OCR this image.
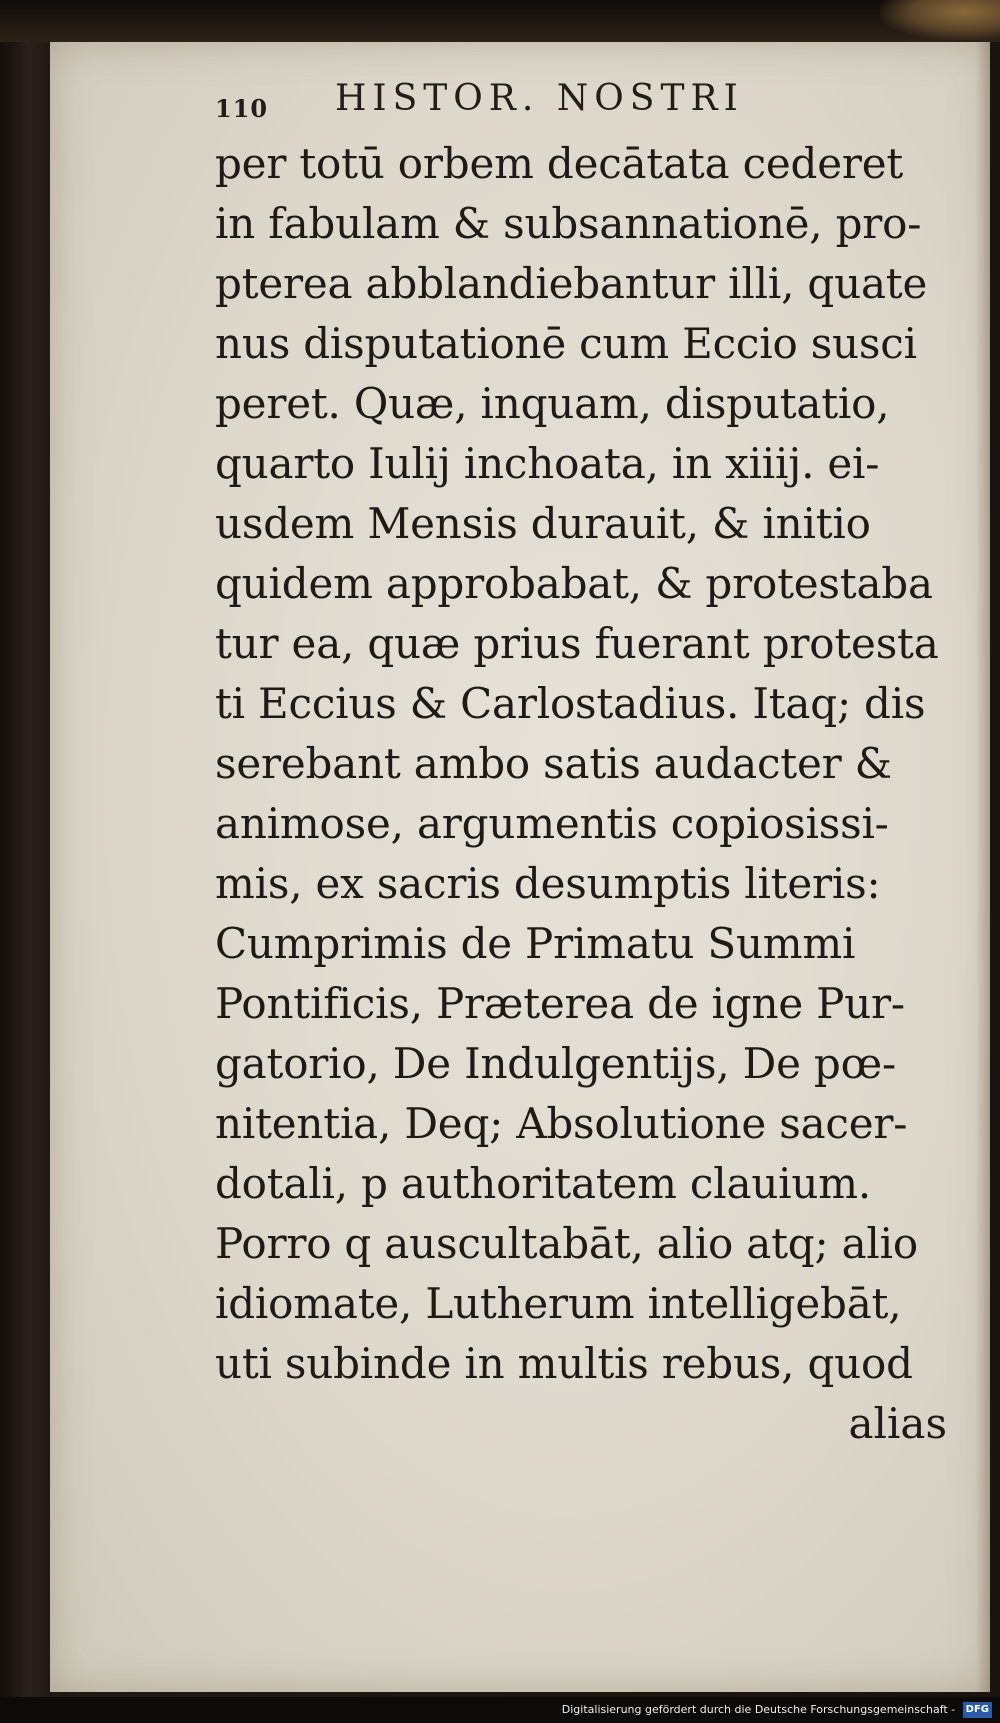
110 HISTOR. NOSTRI
per totū orbem decātata cederet
in fabulam & subsannationē, pro-
pterea abblandiebantur illi, quate
nus disputationē cum Eccio susci
peret. Quæ, inquam, disputatio,
quarto Iulij inchoata, in xiiij. ei-
usdem Mensis durauit, & initio
quidem approbabat, & protestaba
tur ea, quæ prius fuerant protesta
ti Eccius & Carlostadius. Itaq; dis
serebant ambo satis audacter &
animose, argumentis copiosissi-
mis, ex sacris desumptis literis:
Cumprimis de Primatu Summi
Pontificis, Præterea de igne Pur-
gatorio, De Indulgentijs, De pœ-
nitentia, Deq; Absolutione sacer-
dotali, p authoritatem clauium.
Porro q auscultabāt, alio atq; alio
idiomate, Lutherum intelligebāt,
uti subinde in multis rebus, quod
alias
Digitalisierung gefördert durch die Deutsche Forschungsgemeinschaft - DFG
